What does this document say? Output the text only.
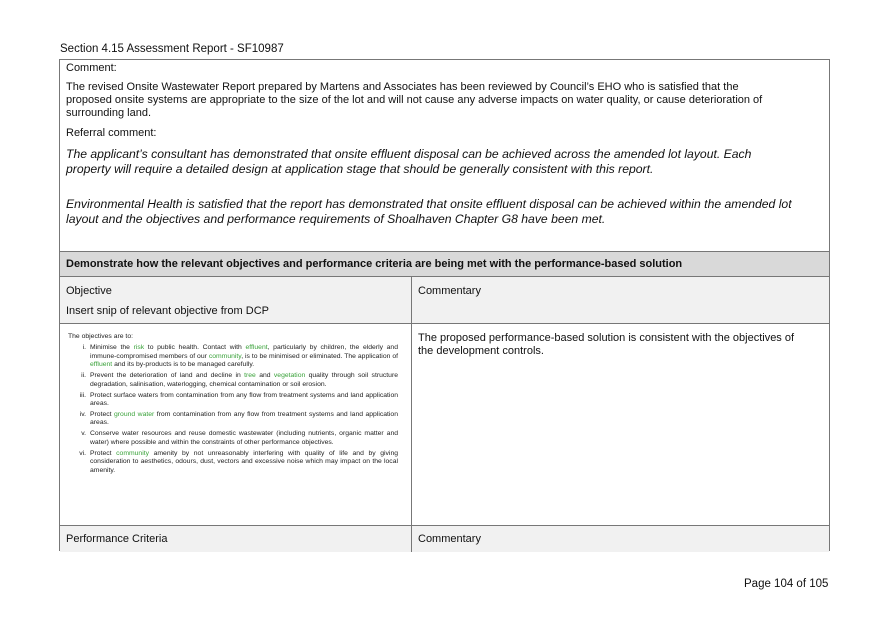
Section 4.15 Assessment Report - SF10987
Comment:
The revised Onsite Wastewater Report prepared by Martens and Associates has been reviewed by Council’s EHO who is satisfied that the
proposed onsite systems are appropriate to the size of the lot and will not cause any adverse impacts on water quality, or cause deterioration of
surrounding land.
Referral comment:
The applicant’s consultant has demonstrated that onsite effluent disposal can be achieved across the amended lot layout. Each
property will require a detailed design at application stage that should be generally consistent with this report.
Environmental Health is satisfied that the report has demonstrated that onsite effluent disposal can be achieved within the amended lot
layout and the objectives and performance requirements of Shoalhaven Chapter G8 have been met.
Demonstrate how the relevant objectives and performance criteria are being met with the performance-based solution
Objective
Insert snip of relevant objective from DCP
Commentary
The objectives are to:
i. Minimise the risk to public health. Contact with effluent, particularly by children, the elderly and immune-compromised members of our community, is to be minimised or eliminated. The application of effluent and its by-products is to be managed carefully.
ii. Prevent the deterioration of land and decline in tree and vegetation quality through soil structure degradation, salinisation, waterlogging, chemical contamination or soil erosion.
iii. Protect surface waters from contamination from any flow from treatment systems and land application areas.
iv. Protect ground water from contamination from any flow from treatment systems and land application areas.
v. Conserve water resources and reuse domestic wastewater (including nutrients, organic matter and water) where possible and within the constraints of other performance objectives.
vi. Protect community amenity by not unreasonably interfering with quality of life and by giving consideration to aesthetics, odours, dust, vectors and excessive noise which may impact on the local amenity.
The proposed performance-based solution is consistent with the objectives of
the development controls.
Performance Criteria	Commentary
Page 104 of 105
